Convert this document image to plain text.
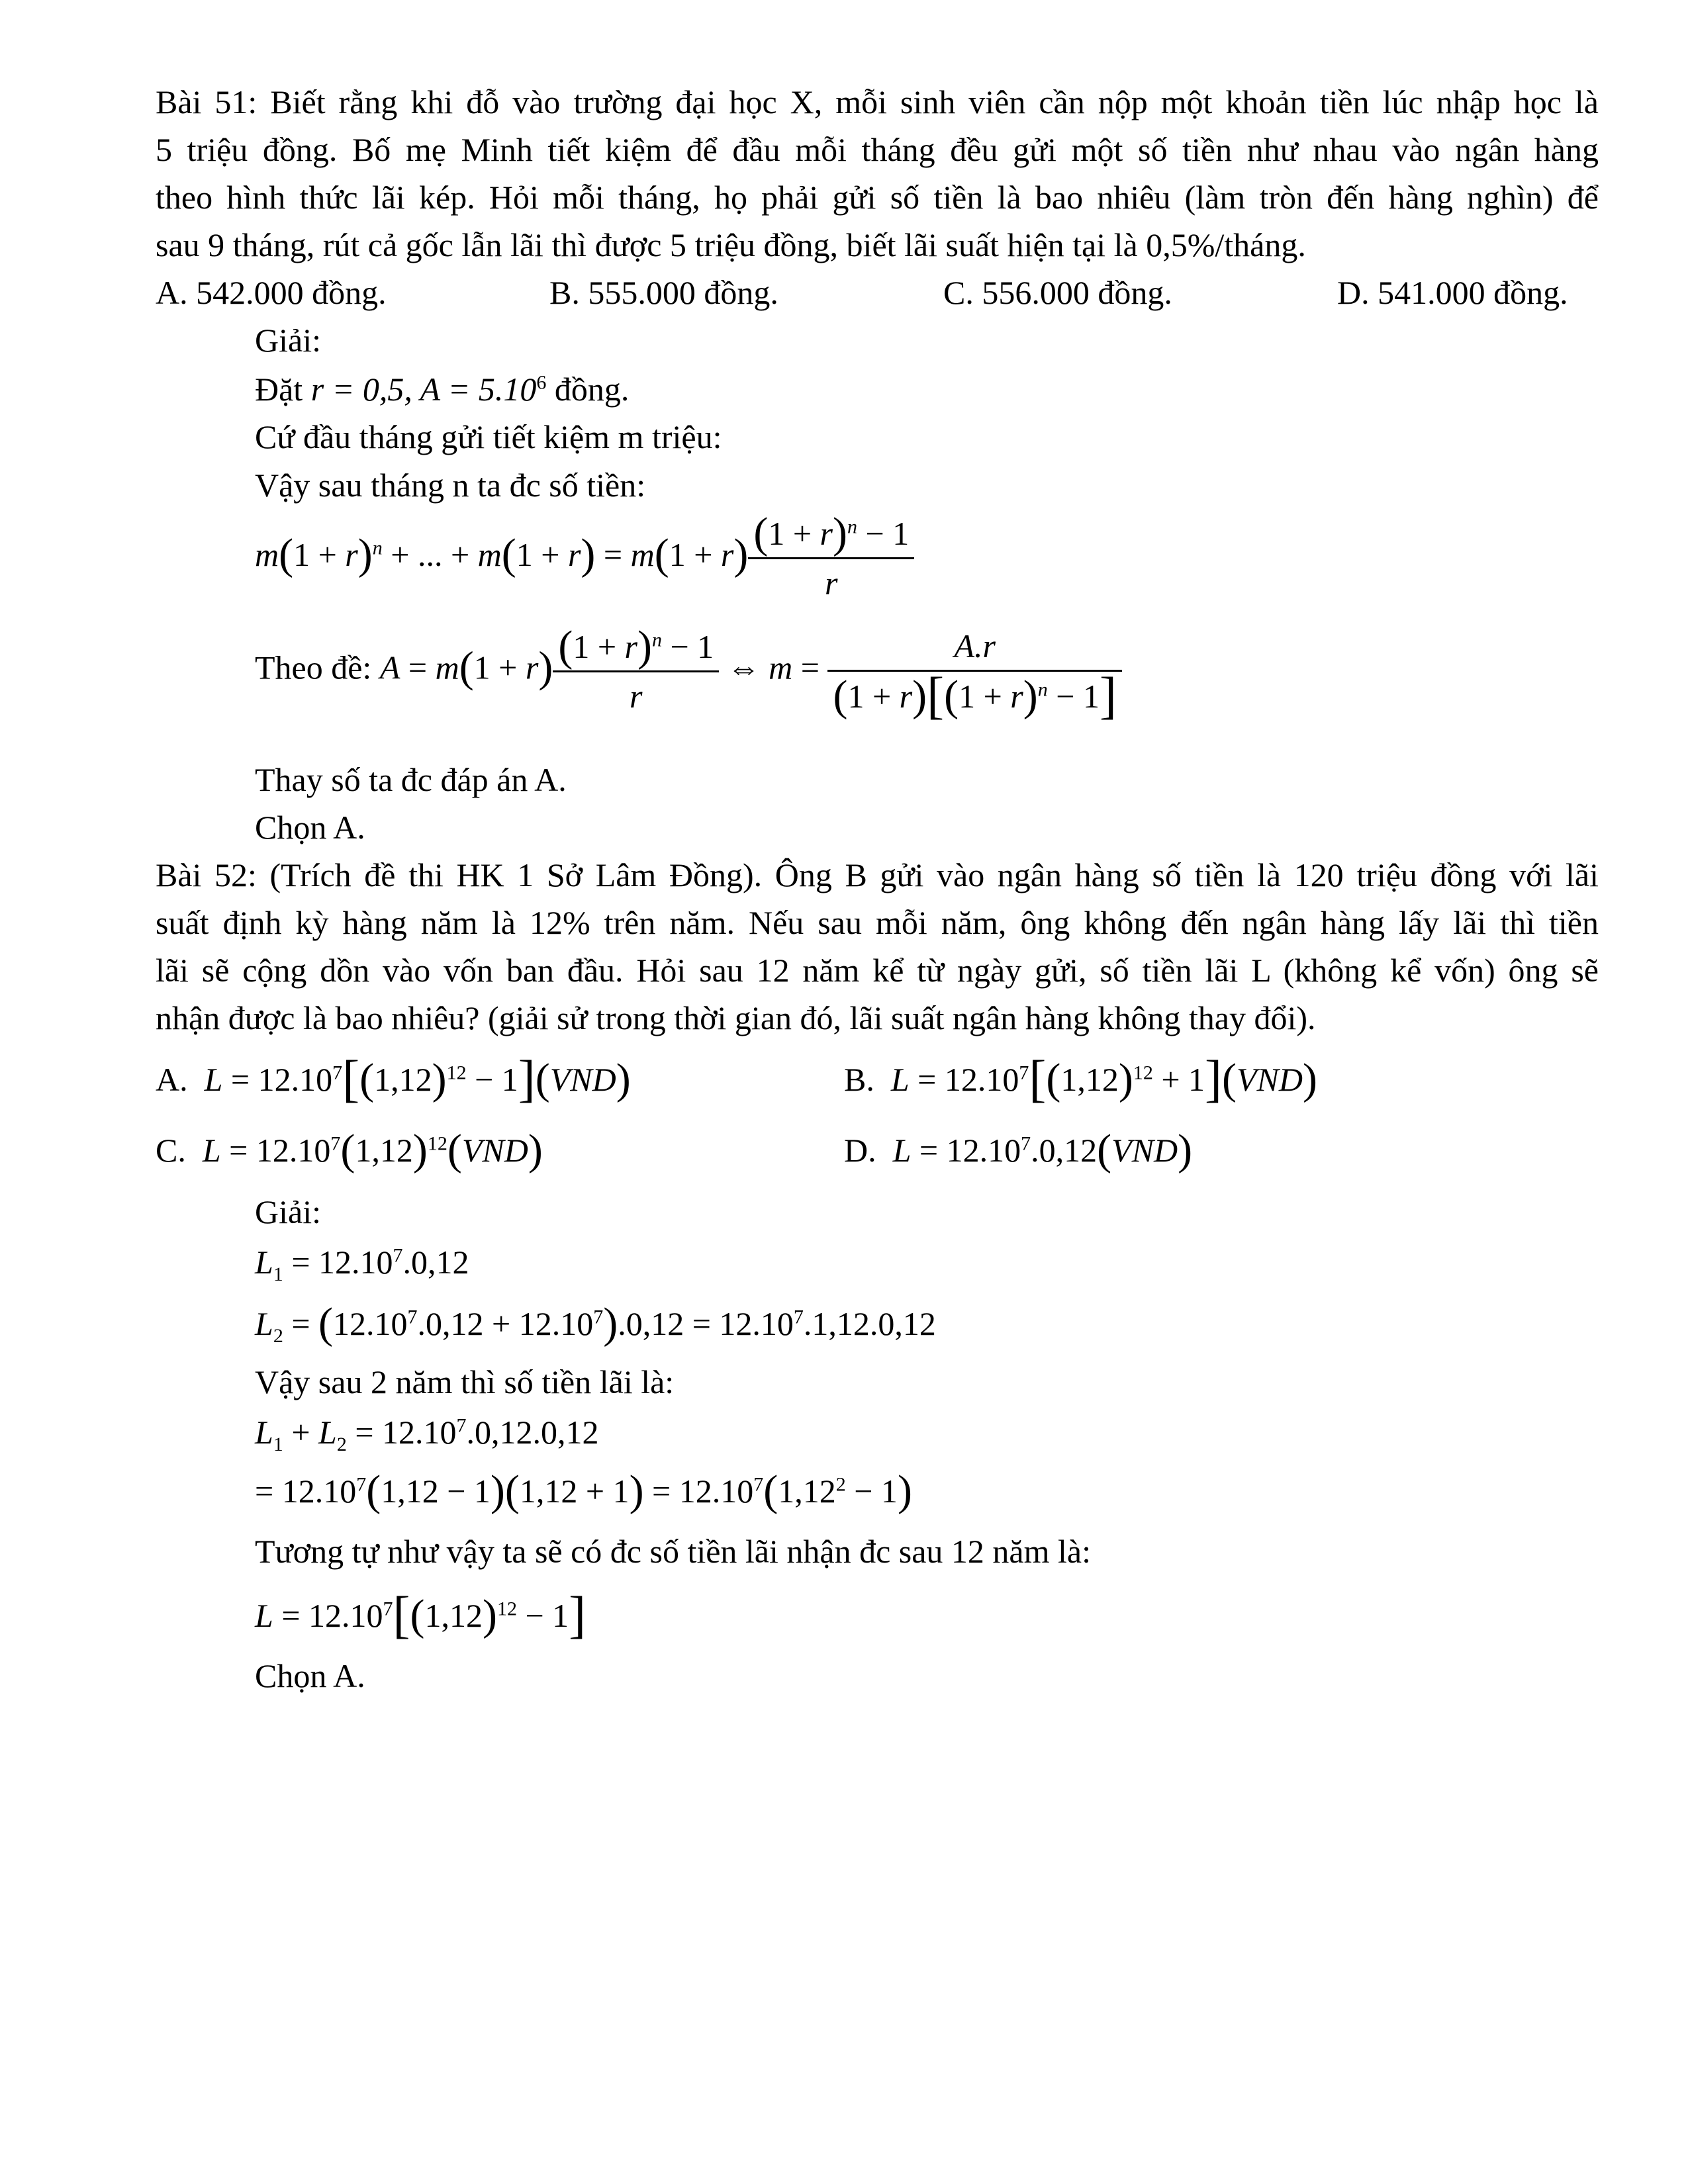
Bài 51: Biết rằng khi đỗ vào trường đại học X, mỗi sinh viên cần nộp một khoản tiền lúc nhập học là
5 triệu đồng. Bố mẹ Minh tiết kiệm để đầu mỗi tháng đều gửi một số tiền như nhau vào ngân hàng
theo hình thức lãi kép. Hỏi mỗi tháng, họ phải gửi số tiền là bao nhiêu (làm tròn đến hàng nghìn) để
sau 9 tháng, rút cả gốc lẫn lãi thì được 5 triệu đồng, biết lãi suất hiện tại là 0,5%/tháng.
A. 542.000 đồng.	B. 555.000 đồng.	C. 556.000 đồng.	D. 541.000 đồng.
Giải:
Đặt r = 0,5, $A = 5.10^6$ đồng.
Cứ đầu tháng gửi tiết kiệm m triệu:
Vậy sau tháng n ta đc số tiền:
$m(1 + r)^n$ + ... + $m(1 + r) = m(1 + r) \frac{(1 + r)^n - 1}{r}$
Theo đề: $A = m(1 + r) \frac{(1 + r)^n - 1}{r}$ ⇔ $m = \frac{A.r}{(1 + r)[(1 + r)^n - 1]}$
Thay số ta đc đáp án A.
Chọn A.
Bài 52: (Trích đề thi HK 1 Sở Lâm Đồng). Ông B gửi vào ngân hàng số tiền là 120 triệu đồng với lãi
suất định kỳ hàng năm là 12% trên năm. Nếu sau mỗi năm, ông không đến ngân hàng lấy lãi thì tiền
lãi sẽ cộng dồn vào vốn ban đầu. Hỏi sau 12 năm kể từ ngày gửi, số tiền lãi L (không kể vốn) ông sẽ
nhận được là bao nhiêu? (giải sử trong thời gian đó, lãi suất ngân hàng không thay đổi).
A. $L = 12.10^7[(1,12)^{12} - 1](VND)$	B. $L = 12.10^7[(1,12)^{12} + 1](VND)$
C. $L = 12.10^7(1,12)^{12}(VND)$	D. $L = 12.10^7.0,12(VND)$
Giải:
$L_1 = 12.10^7.0,12$
$L_2 = (12.10^7.0,12 + 12.10^7).0,12 = 12.10^7.1,12.0,12$
Vậy sau 2 năm thì số tiền lãi là:
$L_1 + L_2 = 12.10^7.0,12.0,12$
= $12.10^7(1,12 - 1)(1,12 + 1) = 12.10^7(1,12^2 - 1)$
Tương tự như vậy ta sẽ có đc số tiền lãi nhận đc sau 12 năm là:
$L = 12.10^7[(1,12)^{12} - 1]$
Chọn A.
